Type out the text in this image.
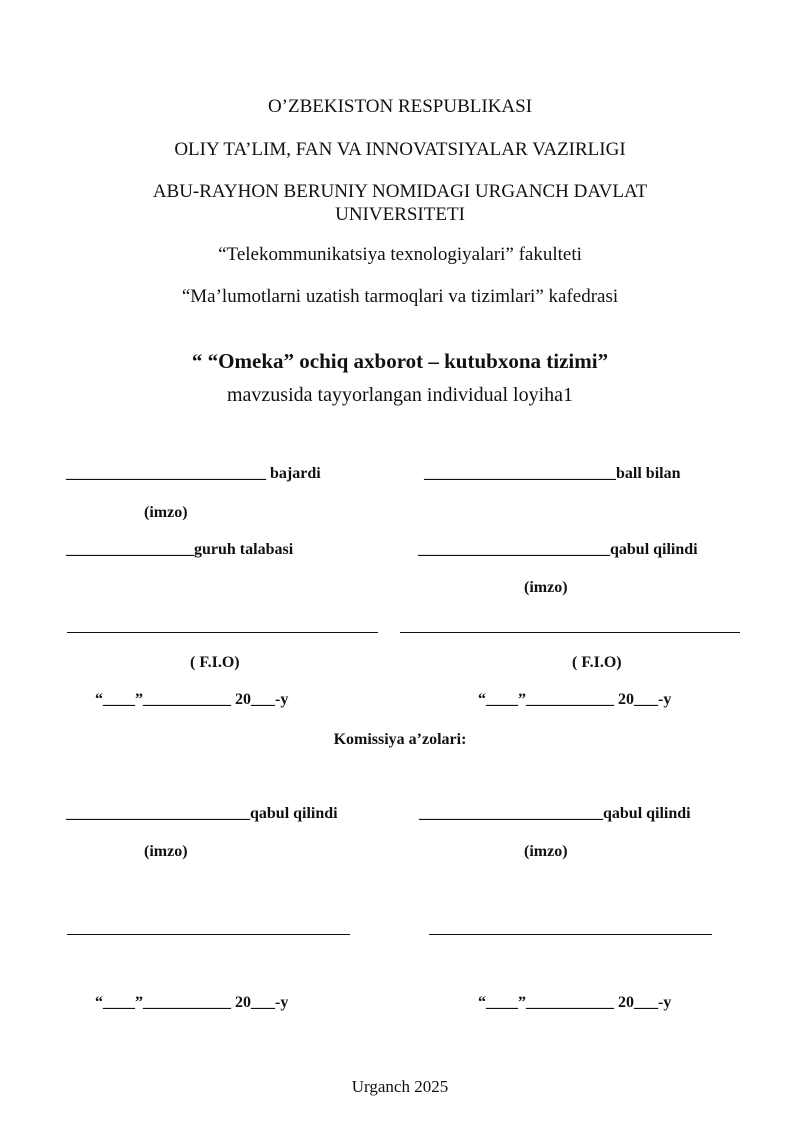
O’ZBEKISTON RESPUBLIKASI
OLIY TA’LIM, FAN VA INNOVATSIYALAR VAZIRLIGI
ABU-RAYHON BERUNIY NOMIDAGI URGANCH DAVLAT
UNIVERSITETI
“Telekommunikatsiya texnologiyalari” fakulteti
“Ma’lumotlarni uzatish tarmoqlari va tizimlari” kafedrasi
“ “Omeka” ochiq axborot – kutubxona tizimi”
mavzusida tayyorlangan individual loyiha1
_________________________ bajardi	________________________ball bilan
(imzo)
________________guruh talabasi	________________________qabul qilindi
(imzo)
( F.I.O)	( F.I.O)
“____”___________ 20___-y	“____”___________ 20___-y
Komissiya a’zolari:
_______________________qabul qilindi	_______________________qabul qilindi
(imzo)	(imzo)
“____”___________ 20___-y	“____”___________ 20___-y
Urganch 2025
